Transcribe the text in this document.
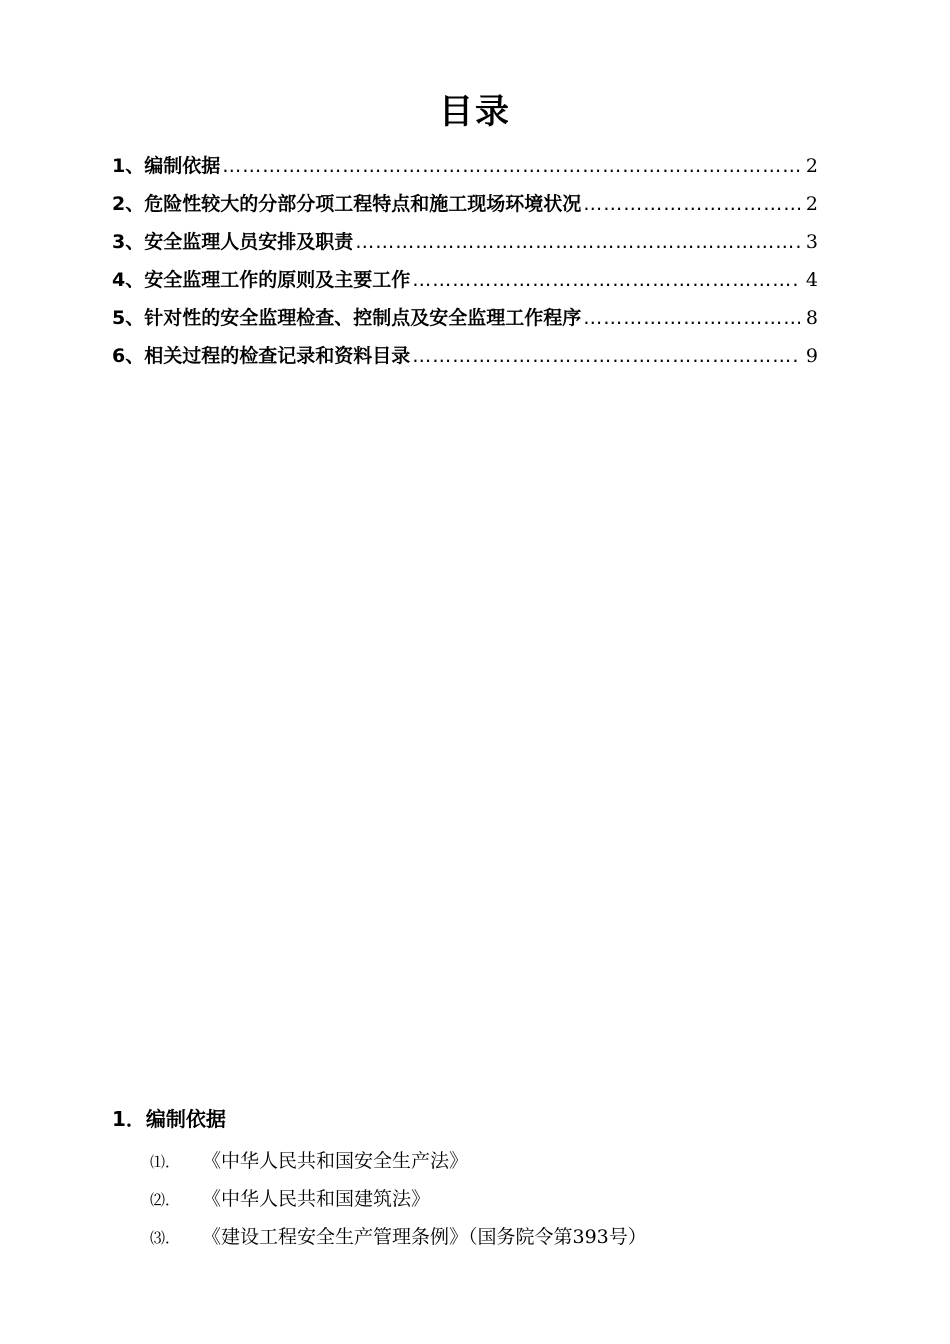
目录
1、编制依据 ……………………………………………………………………………………………………………………………………………	2
2、危险性较大的分部分项工程特点和施工现场环境状况 ……………………………………………………………………………………………………………………………………………	2
3、安全监理人员安排及职责 ……………………………………………………………………………………………………………………………………………	3
4、安全监理工作的原则及主要工作 ……………………………………………………………………………………………………………………………………………	4
5、针对性的安全监理检查、控制点及安全监理工作程序 ……………………………………………………………………………………………………………………………………………	8
6、相关过程的检查记录和资料目录 ……………………………………………………………………………………………………………………………………………	9
1．编制依据
⑴． 《中华人民共和国安全生产法》
⑵． 《中华人民共和国建筑法》
⑶． 《建设工程安全生产管理条例》（国务院令第393号）
